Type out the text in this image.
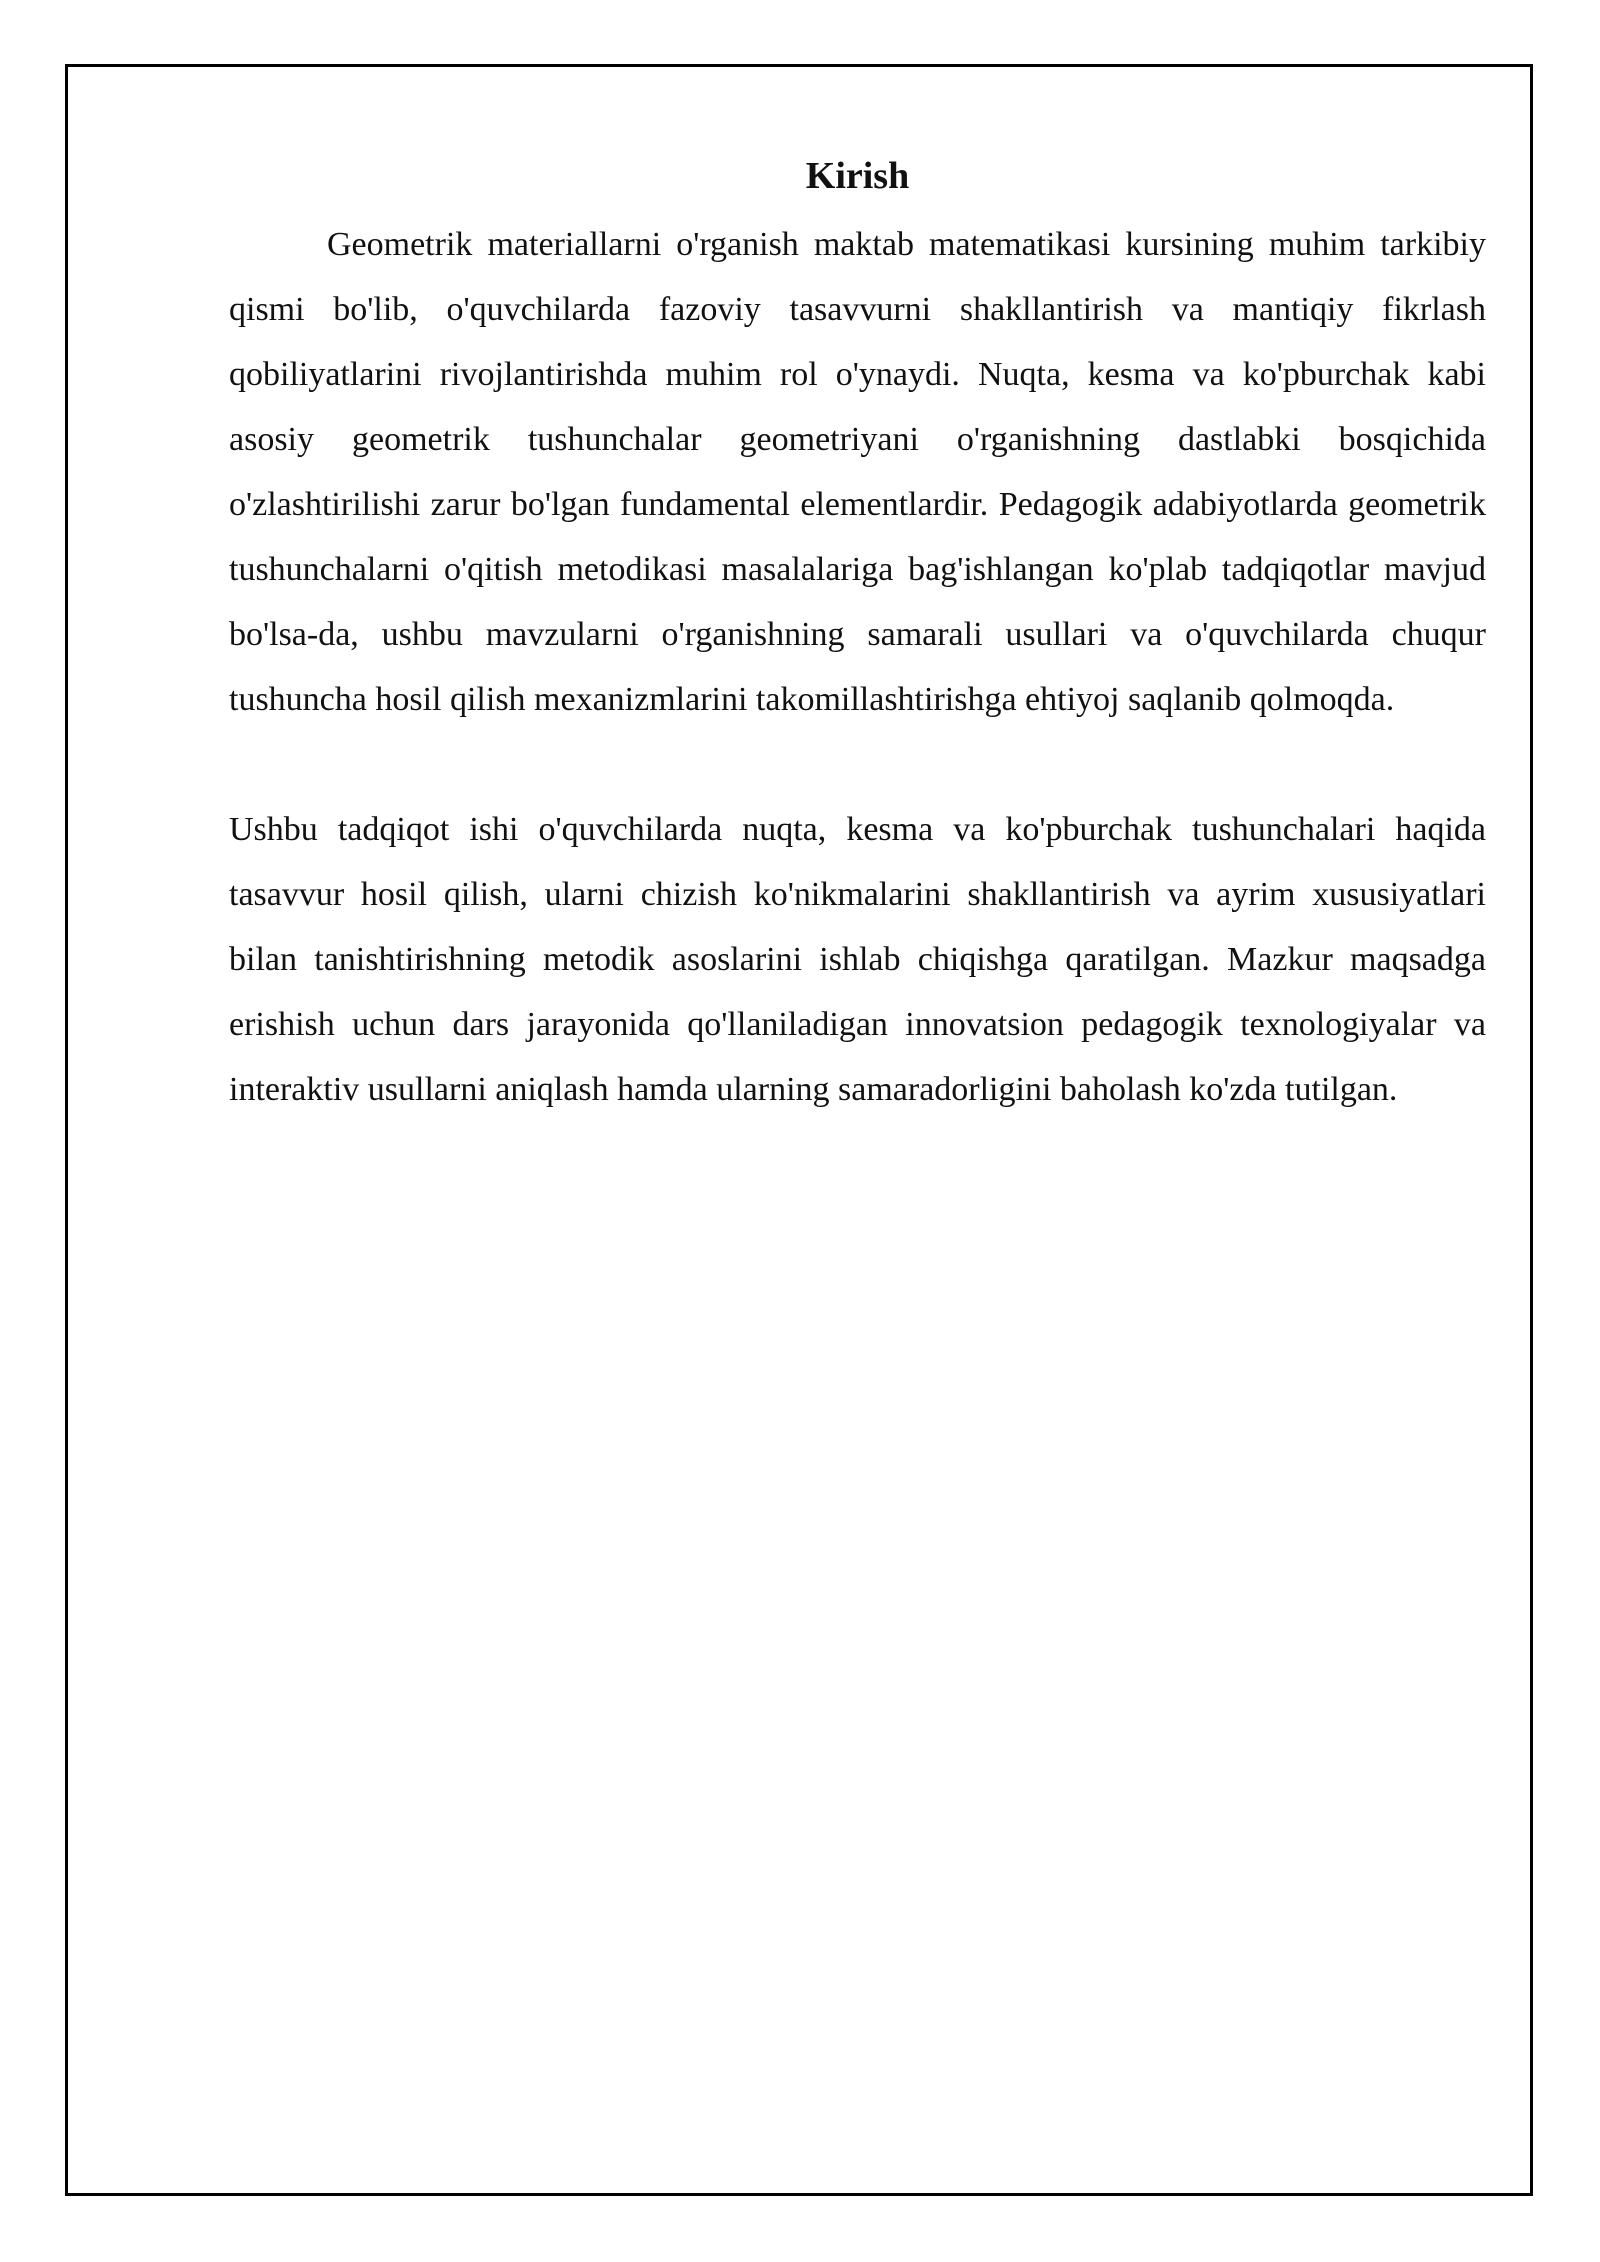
Kirish

Geometrik materiallarni o'rganish maktab matematikasi kursining muhim tarkibiy qismi bo'lib, o'quvchilarda fazoviy tasavvurni shakllantirish va mantiqiy fikrlash qobiliyatlarini rivojlantirishda muhim rol o'ynaydi. Nuqta, kesma va ko'pburchak kabi asosiy geometrik tushunchalar geometriyani o'rganishning dastlabki bosqichida o'zlashtirilishi zarur bo'lgan fundamental elementlardir. Pedagogik adabiyotlarda geometrik tushunchalarni o'qitish metodikasi masalalariga bag'ishlangan ko'plab tadqiqotlar mavjud bo'lsa-da, ushbu mavzularni o'rganishning samarali usullari va o'quvchilarda chuqur tushuncha hosil qilish mexanizmlarini takomillashtirishga ehtiyoj saqlanib qolmoqda.

Ushbu tadqiqot ishi o'quvchilarda nuqta, kesma va ko'pburchak tushunchalari haqida tasavvur hosil qilish, ularni chizish ko'nikmalarini shakllantirish va ayrim xususiyatlari bilan tanishtirishning metodik asoslarini ishlab chiqishga qaratilgan. Mazkur maqsadga erishish uchun dars jarayonida qo'llaniladigan innovatsion pedagogik texnologiyalar va interaktiv usullarni aniqlash hamda ularning samaradorligini baholash ko'zda tutilgan.
